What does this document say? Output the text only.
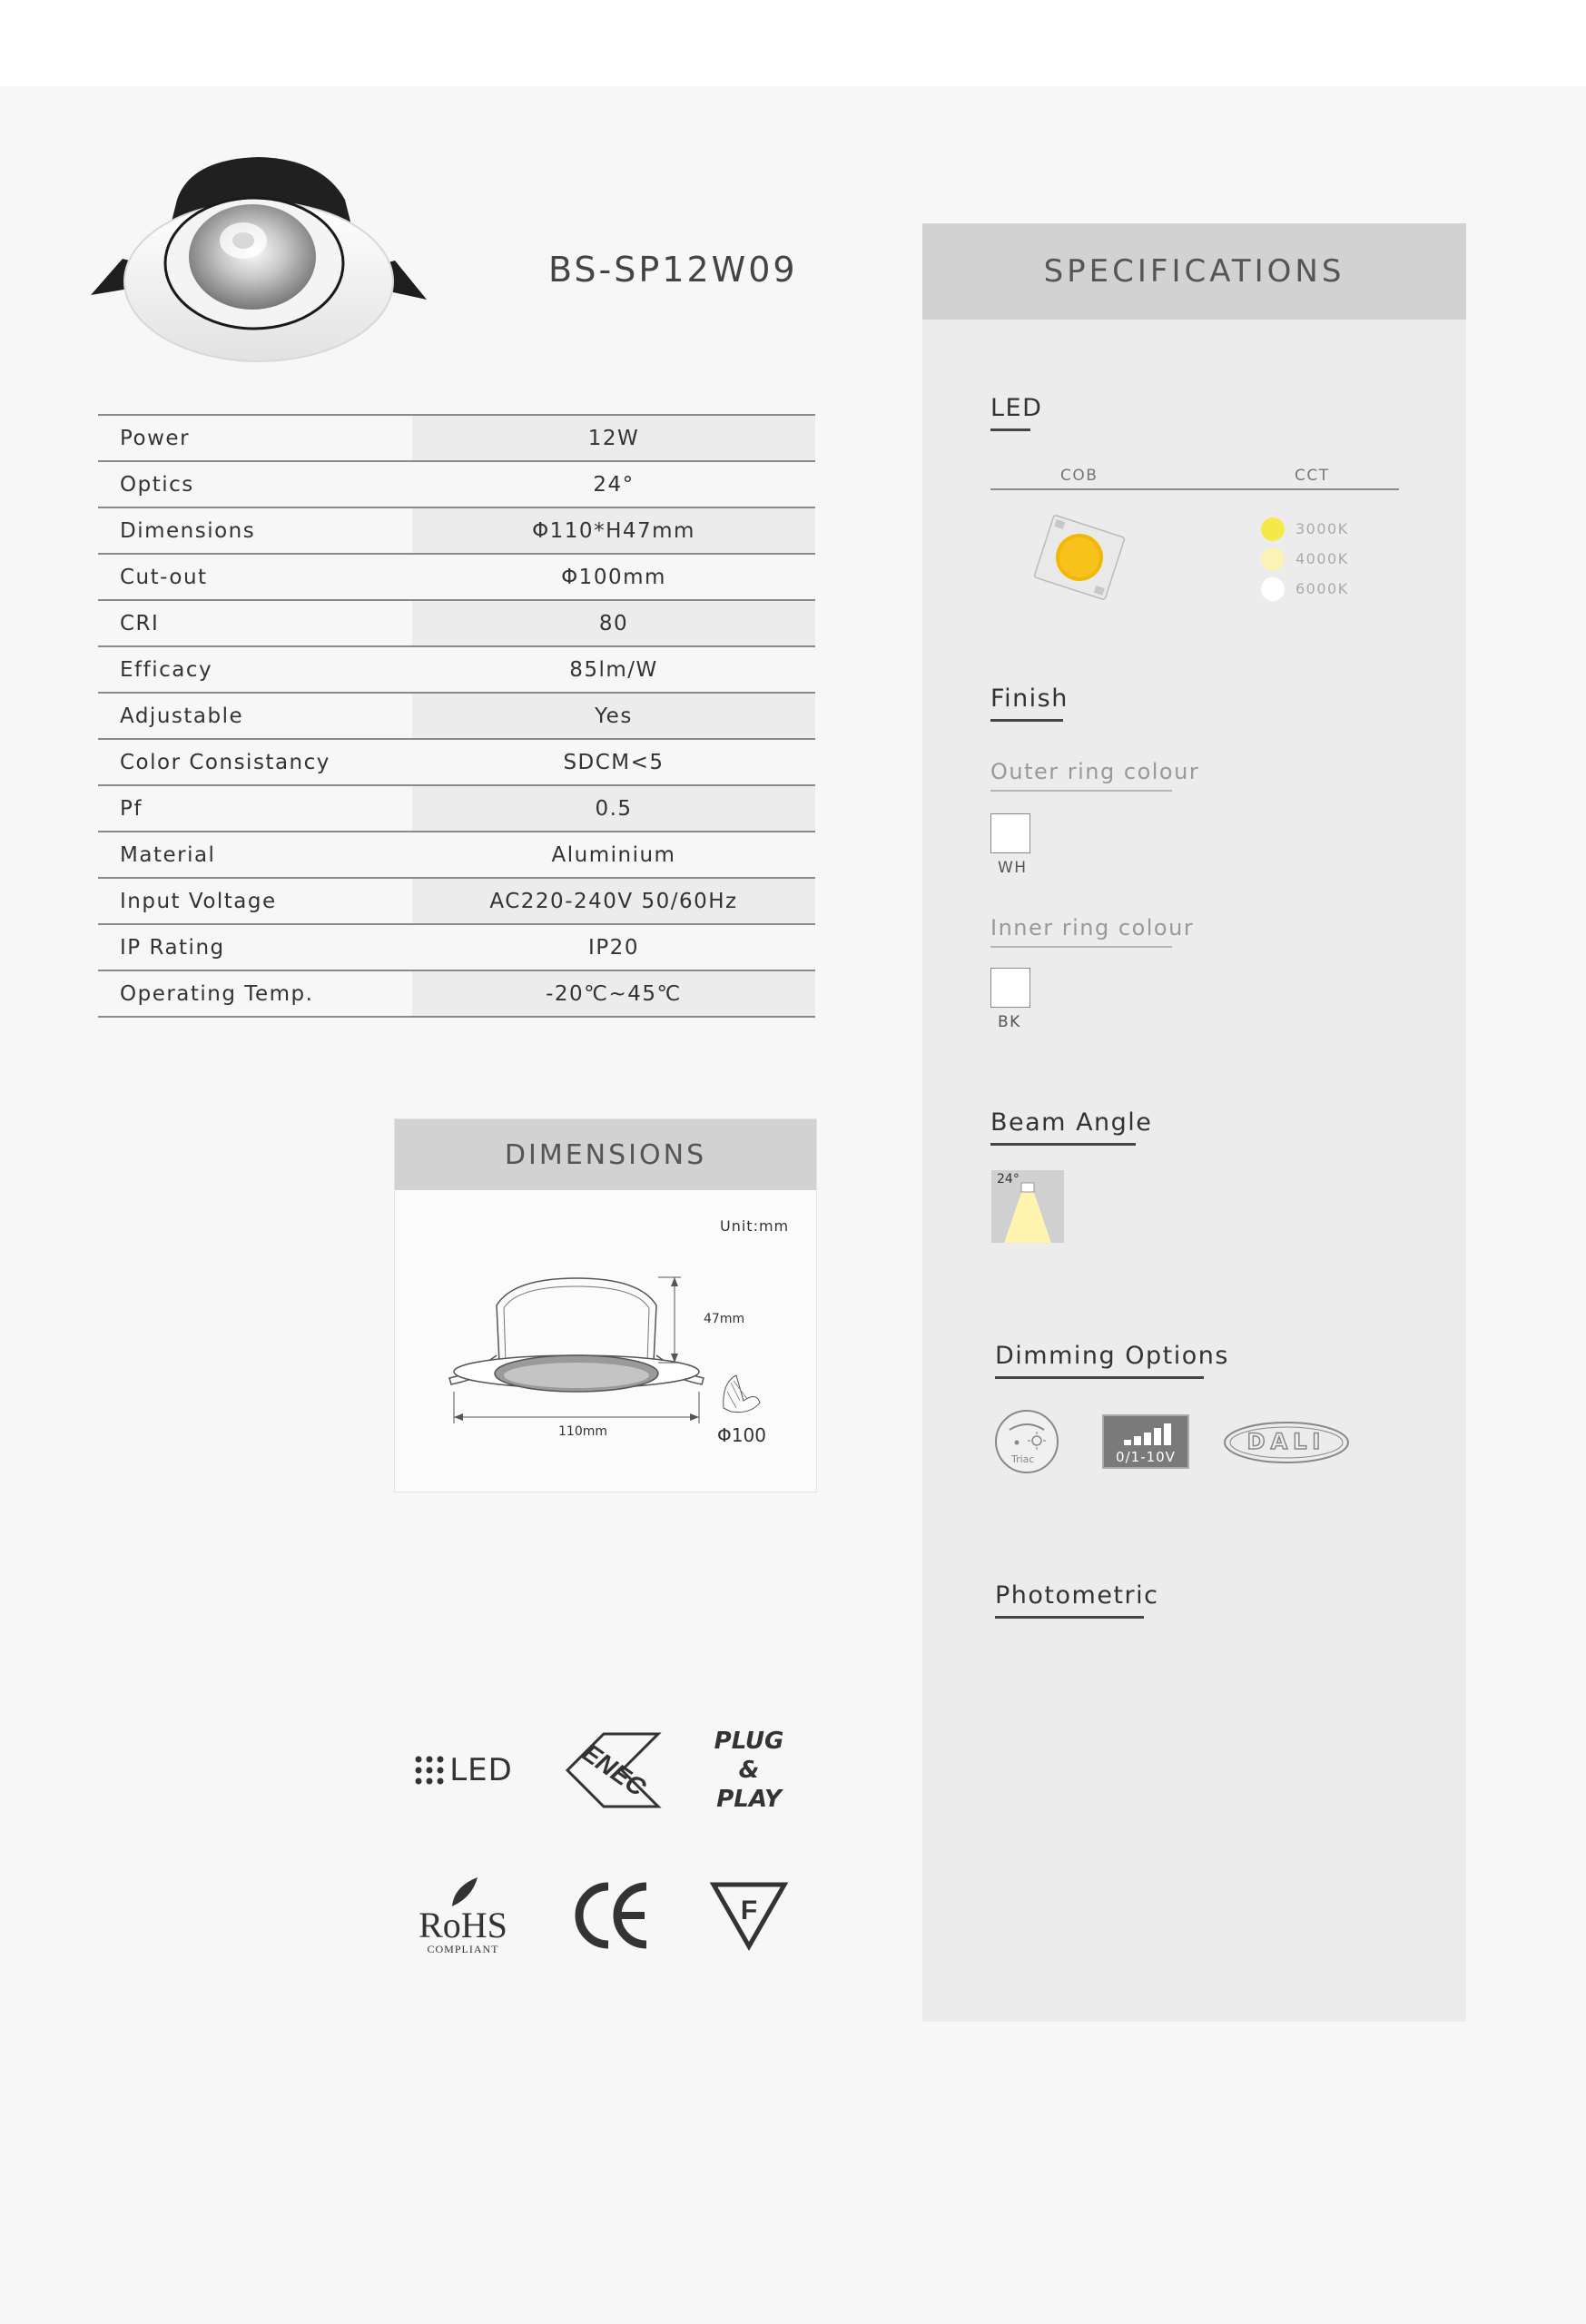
BS-SP12W09
Power	12W
Optics	24°
Dimensions	Φ110*H47mm
Cut-out	Φ100mm
CRI	80
Efficacy	85lm/W
Adjustable	Yes
Color Consistancy	SDCM<5
Pf	0.5
Material	Aluminium
Input Voltage	AC220-240V 50/60Hz
IP Rating	IP20
Operating Temp.	-20℃~45℃
DIMENSIONS
Unit:mm
47mm
110mm	Φ100
LED	ENEC	PLUG
&
PLAY
RoHS
COMPLIANT
F
SPECIFICATIONS
LED
COB	CCT
3000K
4000K
6000K
Finish
Outer ring colour
WH
Inner ring colour
BK
Beam Angle
24°
Dimming Options
Triac	0/1-10V
DALI
Photometric
